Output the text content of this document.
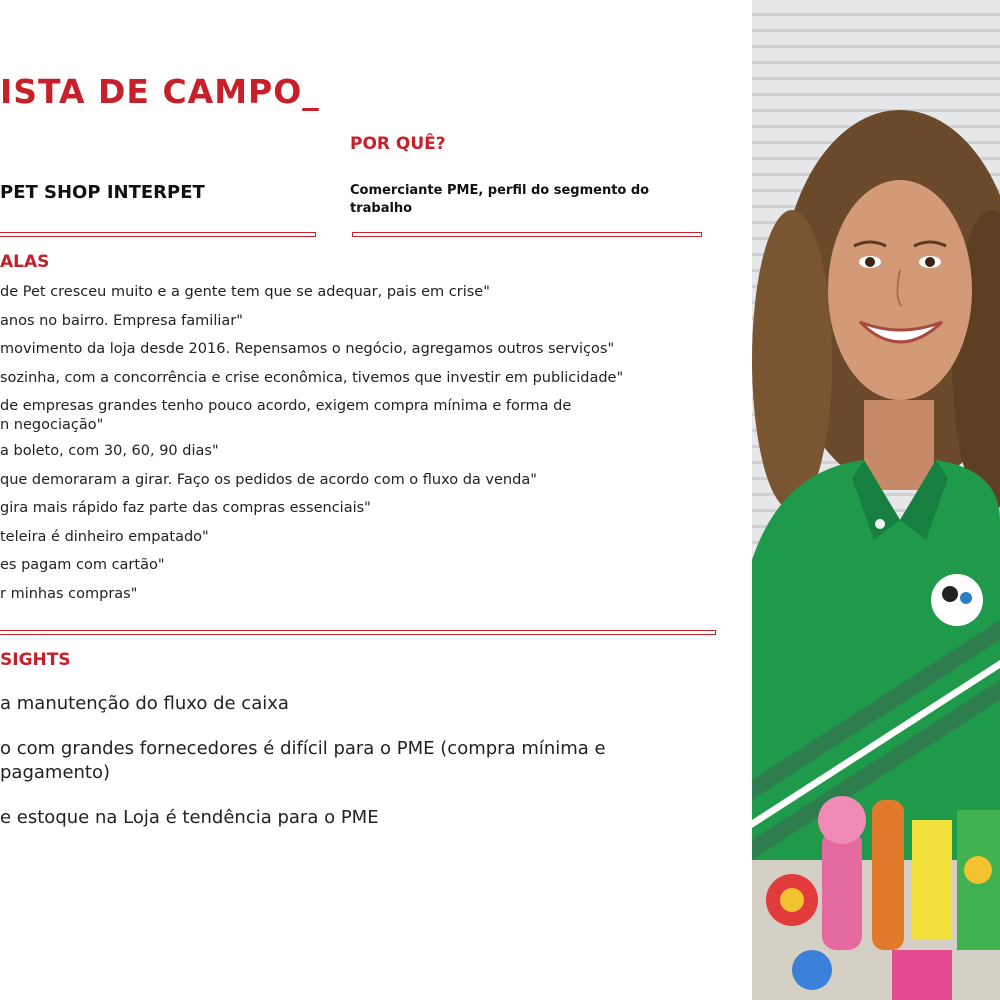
ISTA DE CAMPO_
POR QUÊ?

PET SHOP INTERPET	Comerciante PME, perfil do segmento do trabalho

ALAS
de Pet cresceu muito e a gente tem que se adequar, pais em crise"
anos no bairro. Empresa familiar"
movimento da loja desde 2016. Repensamos o negócio, agregamos outros serviços"
sozinha, com a concorrência e crise econômica, tivemos que investir em publicidade"
de empresas grandes tenho pouco acordo, exigem compra mínima e forma de
n negociação"
a boleto, com 30, 60, 90 dias"
que demoraram a girar. Faço os pedidos de acordo com o fluxo da venda"
gira mais rápido faz parte das compras essenciais"
teleira é dinheiro empatado"
es pagam com cartão"
r minhas compras"
SIGHTS
a manutenção do fluxo de caixa
o com grandes fornecedores é difícil para o PME (compra mínima e pagamento)
e estoque na Loja é tendência para o PME
